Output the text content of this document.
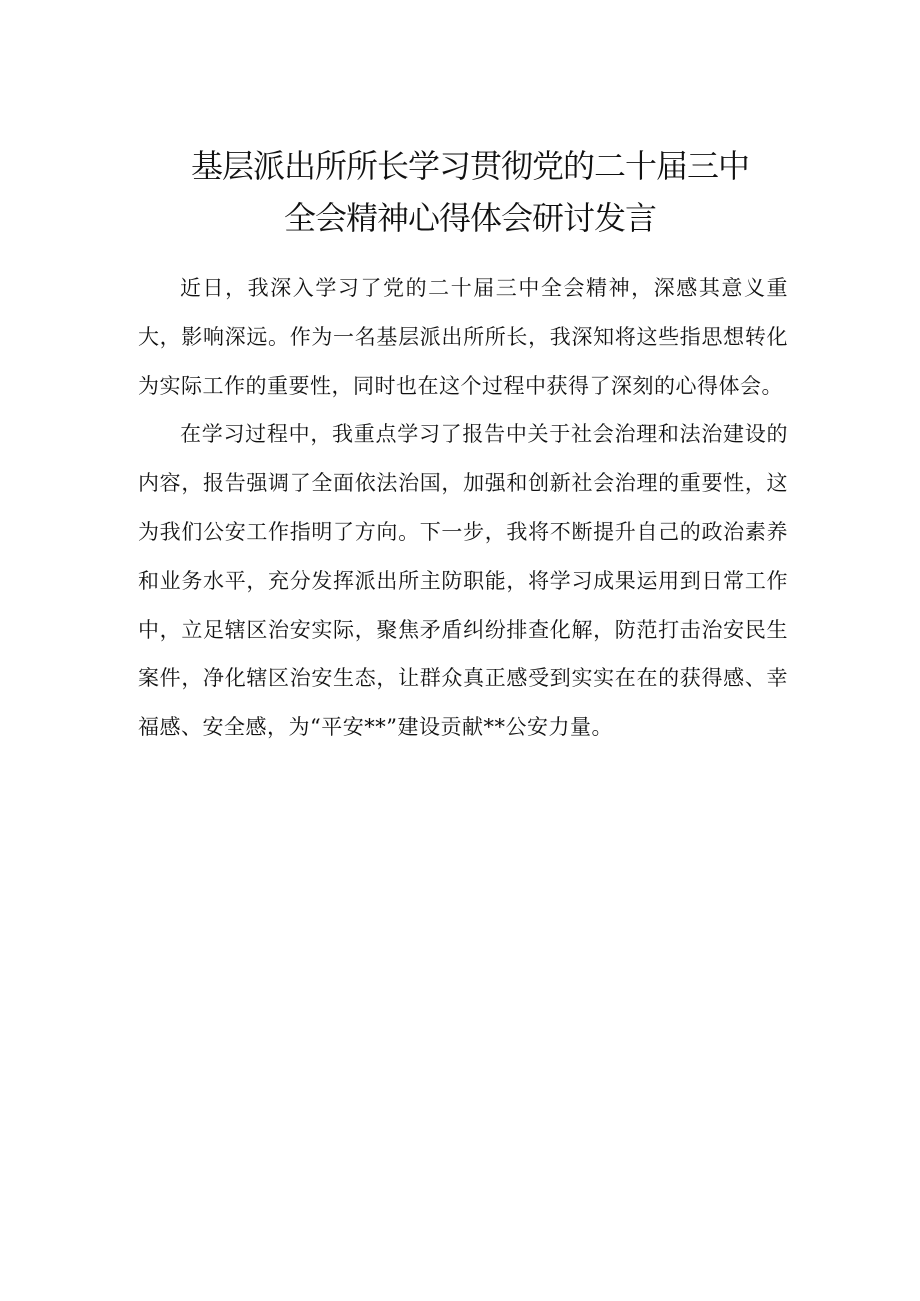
基层派出所所长学习贯彻党的二十届三中
全会精神心得体会研讨发言

近日，我深入学习了党的二十届三中全会精神，深感其意义重大，影响深远。作为一名基层派出所所长，我深知将这些指思想转化为实际工作的重要性，同时也在这个过程中获得了深刻的心得体会。

在学习过程中，我重点学习了报告中关于社会治理和法治建设的内容，报告强调了全面依法治国，加强和创新社会治理的重要性，这为我们公安工作指明了方向。下一步，我将不断提升自己的政治素养和业务水平，充分发挥派出所主防职能，将学习成果运用到日常工作中，立足辖区治安实际，聚焦矛盾纠纷排查化解，防范打击治安民生案件，净化辖区治安生态，让群众真正感受到实实在在的获得感、幸福感、安全感，为“平安**”建设贡献**公安力量。
